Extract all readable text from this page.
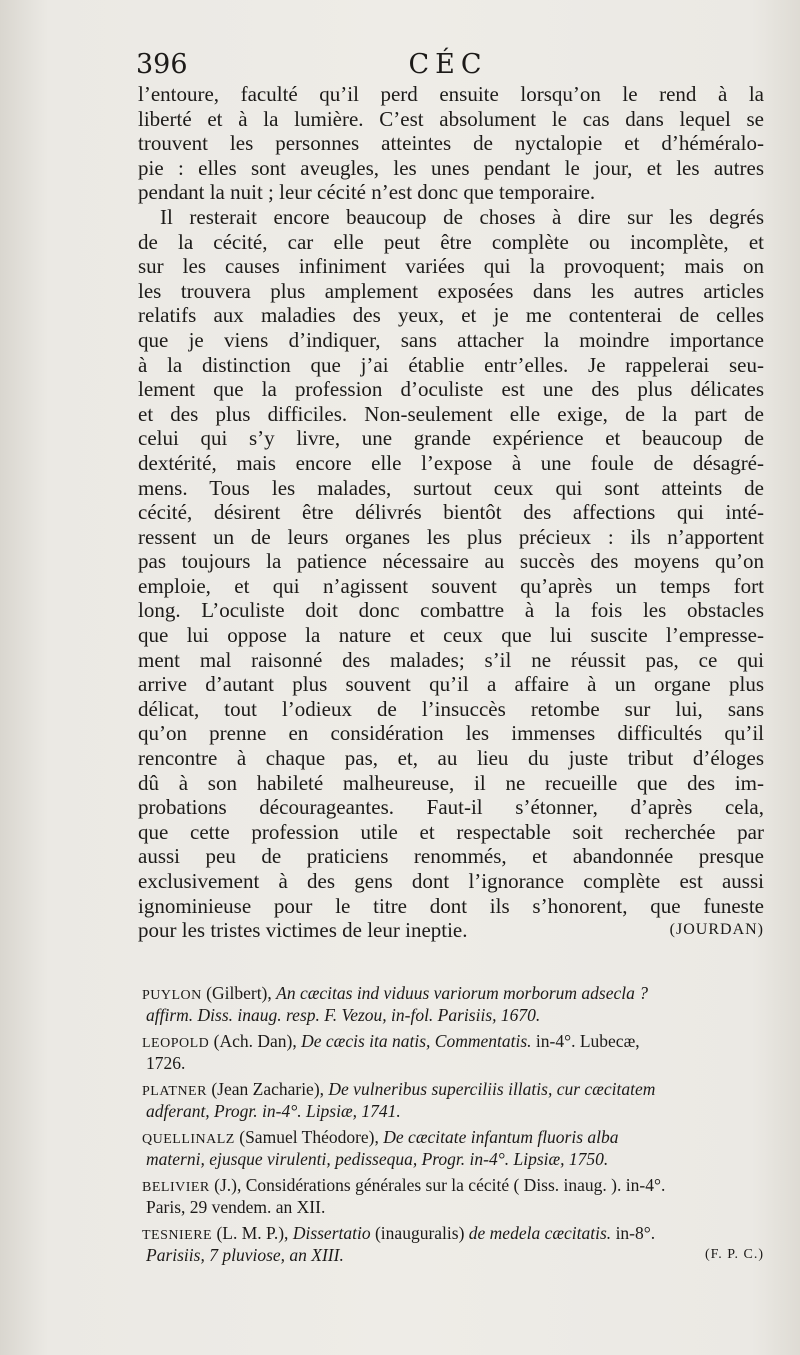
396	CÉC
l’entoure, faculté qu’il perd ensuite lorsqu’on le rend à la
liberté et à la lumière. C’est absolument le cas dans lequel se
trouvent les personnes atteintes de nyctalopie et d’héméralo-
pie : elles sont aveugles, les unes pendant le jour, et les autres
pendant la nuit ; leur cécité n’est donc que temporaire.
Il resterait encore beaucoup de choses à dire sur les degrés
de la cécité, car elle peut être complète ou incomplète, et
sur les causes infiniment variées qui la provoquent; mais on
les trouvera plus amplement exposées dans les autres articles
relatifs aux maladies des yeux, et je me contenterai de celles
que je viens d’indiquer, sans attacher la moindre importance
à la distinction que j’ai établie entr’elles. Je rappelerai seu-
lement que la profession d’oculiste est une des plus délicates
et des plus difficiles. Non-seulement elle exige, de la part de
celui qui s’y livre, une grande expérience et beaucoup de
dextérité, mais encore elle l’expose à une foule de désagré-
mens. Tous les malades, surtout ceux qui sont atteints de
cécité, désirent être délivrés bientôt des affections qui inté-
ressent un de leurs organes les plus précieux : ils n’apportent
pas toujours la patience nécessaire au succès des moyens qu’on
emploie, et qui n’agissent souvent qu’après un temps fort
long. L’oculiste doit donc combattre à la fois les obstacles
que lui oppose la nature et ceux que lui suscite l’empresse-
ment mal raisonné des malades; s’il ne réussit pas, ce qui
arrive d’autant plus souvent qu’il a affaire à un organe plus
délicat, tout l’odieux de l’insuccès retombe sur lui, sans
qu’on prenne en considération les immenses difficultés qu’il
rencontre à chaque pas, et, au lieu du juste tribut d’éloges
dû à son habileté malheureuse, il ne recueille que des im-
probations décourageantes. Faut-il s’étonner, d’après cela,
que cette profession utile et respectable soit recherchée par
aussi peu de praticiens renommés, et abandonnée presque
exclusivement à des gens dont l’ignorance complète est aussi
ignominieuse pour le titre dont ils s’honorent, que funeste
pour les tristes victimes de leur ineptie.	(JOURDAN)
PUYLON (Gilbert), An cæcitas ind viduus variorum morborum adsecla ?
affirm. Diss. inaug. resp. F. Vezou, in-fol. Parisiis, 1670.
LEOPOLD (Ach. Dan), De cæcis ita natis, Commentatis. in-4°. Lubecæ,
1726.
PLATNER (Jean Zacharie), De vulneribus superciliis illatis, cur cæcitatem
adferant, Progr. in-4°. Lipsiæ, 1741.
QUELLINALZ (Samuel Théodore), De cæcitate infantum fluoris alba
materni, ejusque virulenti, pedissequa, Progr. in-4°. Lipsiæ, 1750.
BELIVIER (J.), Considérations générales sur la cécité ( Diss. inaug. ). in-4°.
Paris, 29 vendem. an XII.
TESNIERE (L. M. P.), Dissertatio (inauguralis) de medela cæcitatis. in-8°.
Parisiis, 7 pluviose, an XIII.	(F. P. C.)
